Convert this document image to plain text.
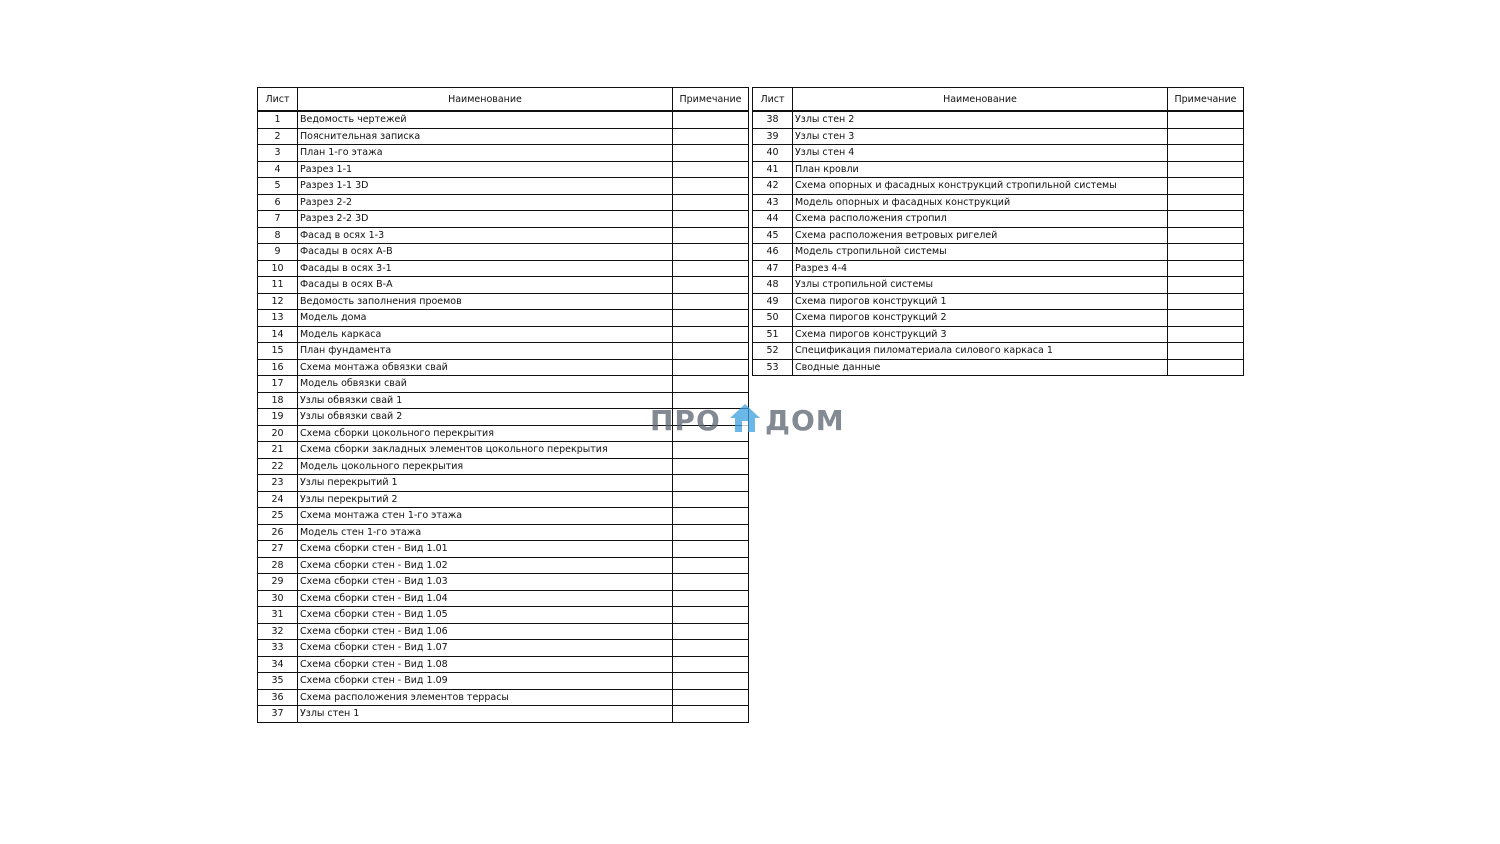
Лист	Наименование	Примечание
1	Ведомость чертежей	
2	Пояснительная записка	
3	План 1-го этажа	
4	Разрез 1-1	
5	Разрез 1-1 3D	
6	Разрез 2-2	
7	Разрез 2-2 3D	
8	Фасад в осях 1-3	
9	Фасады в осях А-В	
10	Фасады в осях 3-1	
11	Фасады в осях В-А	
12	Ведомость заполнения проемов	
13	Модель дома	
14	Модель каркаса	
15	План фундамента	
16	Схема монтажа обвязки свай	
17	Модель обвязки свай	
18	Узлы обвязки свай 1	
19	Узлы обвязки свай 2	
20	Схема сборки цокольного перекрытия	
21	Схема сборки закладных элементов цокольного перекрытия	
22	Модель цокольного перекрытия	
23	Узлы перекрытий 1	
24	Узлы перекрытий 2	
25	Схема монтажа стен 1-го этажа	
26	Модель стен 1-го этажа	
27	Схема сборки стен - Вид 1.01	
28	Схема сборки стен - Вид 1.02	
29	Схема сборки стен - Вид 1.03	
30	Схема сборки стен - Вид 1.04	
31	Схема сборки стен - Вид 1.05	
32	Схема сборки стен - Вид 1.06	
33	Схема сборки стен - Вид 1.07	
34	Схема сборки стен - Вид 1.08	
35	Схема сборки стен - Вид 1.09	
36	Схема расположения элементов террасы	
37	Узлы стен 1	
Лист	Наименование	Примечание
38	Узлы стен 2	
39	Узлы стен 3	
40	Узлы стен 4	
41	План кровли	
42	Схема опорных и фасадных конструкций стропильной системы	
43	Модель опорных и фасадных конструкций	
44	Схема расположения стропил	
45	Схема расположения ветровых ригелей	
46	Модель стропильной системы	
47	Разрез 4-4	
48	Узлы стропильной системы	
49	Схема пирогов конструкций 1	
50	Схема пирогов конструкций 2	
51	Схема пирогов конструкций 3	
52	Спецификация пиломатериала силового каркаса 1	
53	Сводные данные	
ПРО ДОМ
